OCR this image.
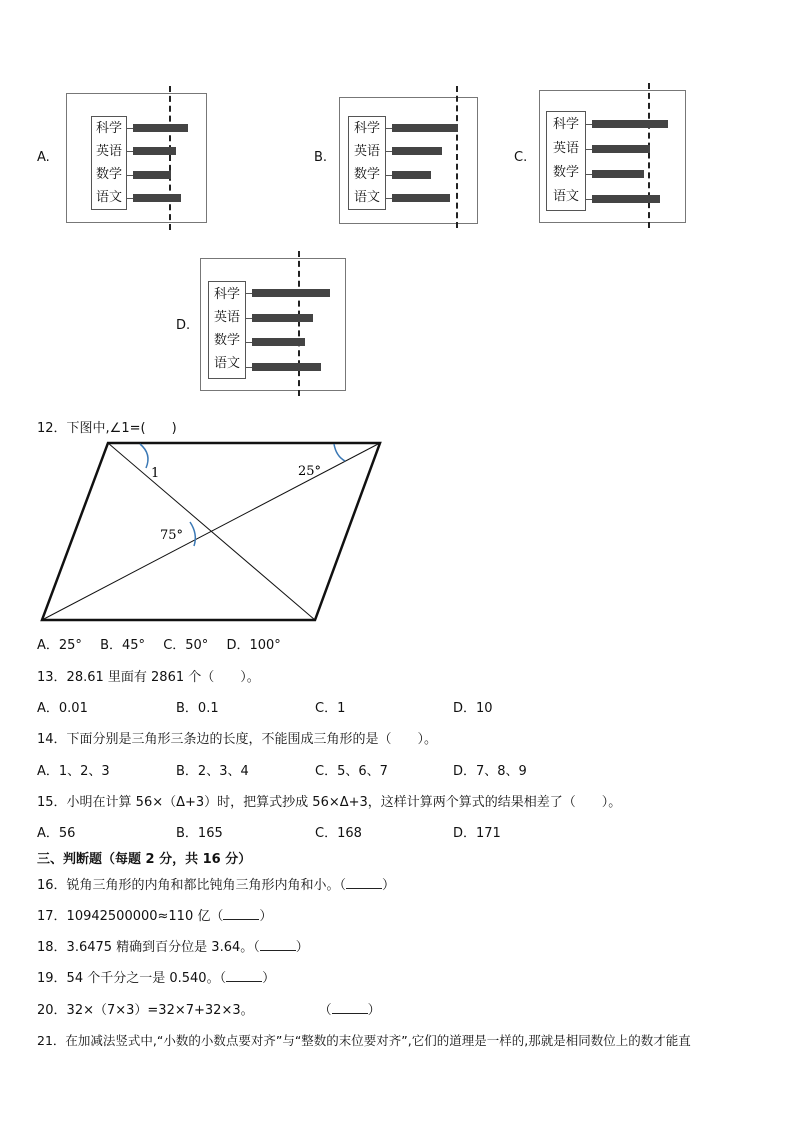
A.
科学
英语
数学
语文
B.
科学
英语
数学
语文
C.
科学
英语
数学
语文
D.
科学
英语
数学
语文
12．下图中,∠1=(　　)
1	25°
75°
A．25° B．45° C．50° D．100°
13．28.61 里面有 2861 个（　　）。
A．0.01	B．0.1	C．1	D．10
14．下面分别是三角形三条边的长度，不能围成三角形的是（　　）。
A．1、2、3	B．2、3、4	C．5、6、7	D．7、8、9
15．小明在计算 56×（Δ+3）时，把算式抄成 56×Δ+3，这样计算两个算式的结果相差了（　　）。
A．56	B．165	C．168	D．171
三、判断题（每题 2 分，共 16 分）
16．锐角三角形的内角和都比钝角三角形内角和小。（	）
17．10942500000≈110 亿（	）
18．3.6475 精确到百分位是 3.64。（	）
19．54 个千分之一是 0.540。（	）
20．32×（7×3）=32×7+32×3。　　　　　　（	）
21．在加减法竖式中,“小数的小数点要对齐”与“整数的末位要对齐”,它们的道理是一样的,那就是相同数位上的数才能直
